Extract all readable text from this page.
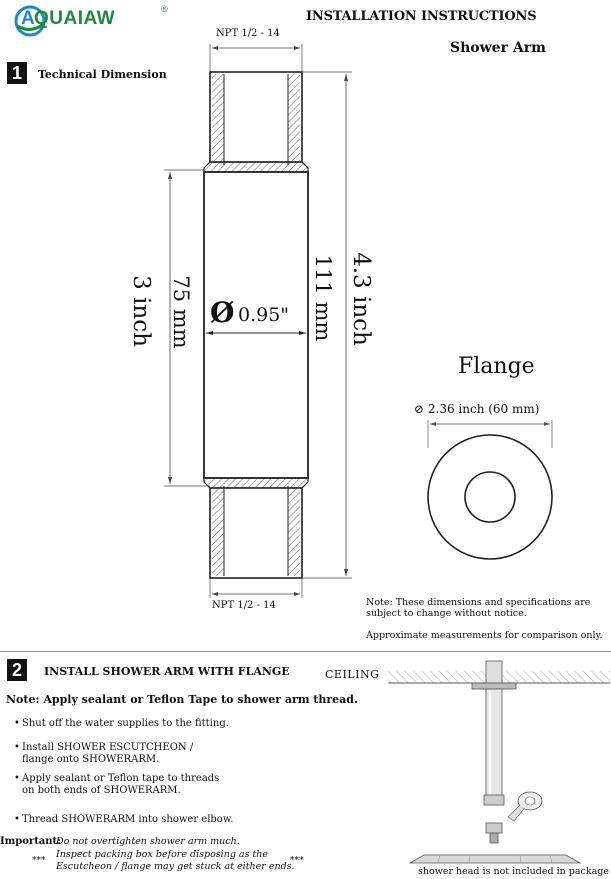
A QUAIAW	®	INSTALLATION INSTRUCTIONS
Shower Arm
1	Technical Dimension
NPT 1/2 - 14
NPT 1/2 - 14
3 inch 75 mm	111 mm 4.3 inch
Ø 0.95"
Flange
⊘ 2.36 inch (60 mm)
Note: These dimensions and specifications are subject to change without notice.
Approximate measurements for comparison only.
2	INSTALL SHOWER ARM WITH FLANGE	CEILING
Note: Apply sealant or Teflon Tape to shower arm thread.
• Shut off the water supplies to the fitting.
• Install SHOWER ESCUTCHEON / flange onto SHOWERARM.
• Apply sealant or Teflon tape to threads on both ends of SHOWERARM.
• Thread SHOWERARM into shower elbow.
Important:
Do not overtighten shower arm much.
Inspect packing box before disposing as the Escutcheon / flange may get stuck at either ends.
***	***
shower head is not included in package
